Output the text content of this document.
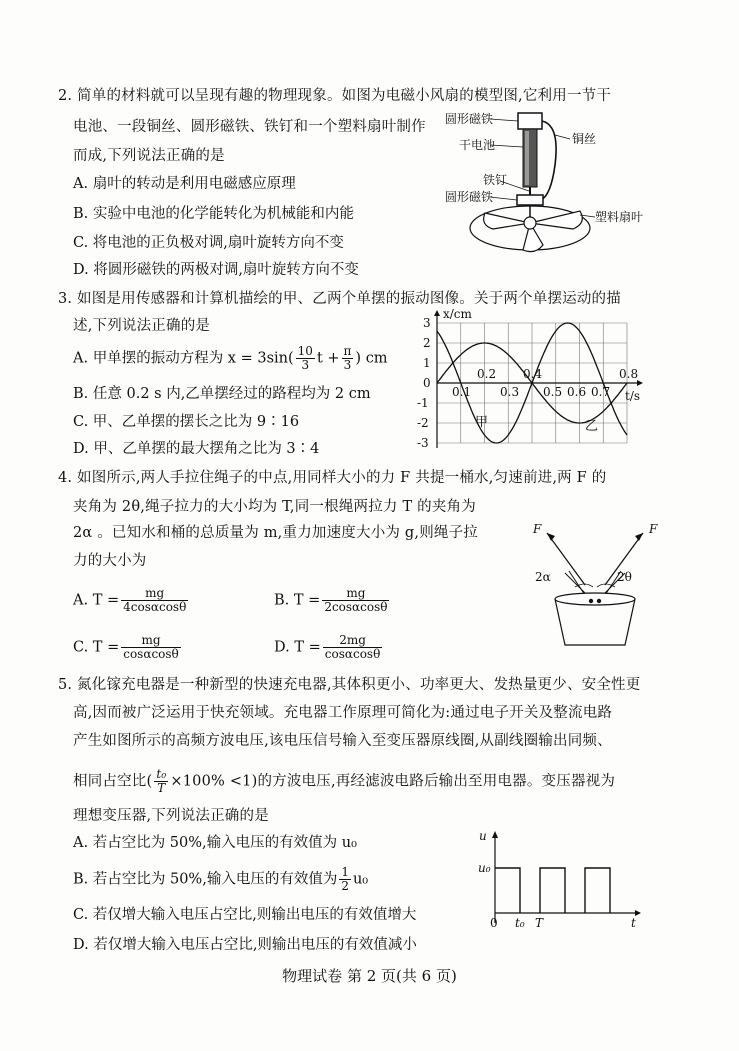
2. 简单的材料就可以呈现有趣的物理现象。如图为电磁小风扇的模型图,它利用一节干
电池、一段铜丝、圆形磁铁、铁钉和一个塑料扇叶制作
而成,下列说法正确的是
A. 扇叶的转动是利用电磁感应原理
B. 实验中电池的化学能转化为机械能和内能
C. 将电池的正负极对调,扇叶旋转方向不变
D. 将圆形磁铁的两极对调,扇叶旋转方向不变
圆形磁铁
干电池	铜丝
铁钉
圆形磁铁
塑料扇叶
3. 如图是用传感器和计算机描绘的甲、乙两个单摆的振动图像。关于两个单摆运动的描
述,下列说法正确的是
A. 甲单摆的振动方程为 $x = 3\sin( \frac{10}{3}$ $t + \frac{\pi}{3}$ ) cm
B. 任意 0.2 s 内,乙单摆经过的路程均为 2 cm
C. 甲、乙单摆的摆长之比为 9∶16
D. 甲、乙单摆的最大摆角之比为 3∶4
x/cm
t/s
3
2
1
0
-1
-2
-3
0.1 0.3 0.5 0.6 0.7
0.2 0.4	0.8
甲	乙
4. 如图所示,两人手拉住绳子的中点,用同样大小的力 F 共提一桶水,匀速前进,两 F 的
夹角为 2θ,绳子拉力的大小均为 T,同一根绳两拉力 T 的夹角为
2α 。已知水和桶的总质量为 m,重力加速度大小为 g,则绳子拉
力的大小为
A. $T = \frac{mg}{4\cos\alpha\cos\theta}$	B. $T = \frac{mg}{2\cos\alpha\cos\theta}$
C. $T = \frac{mg}{\cos\alpha\cos\theta}$	D. $T = \frac{2mg}{\cos\alpha\cos\theta}$
F	F
2α	2θ
5. 氮化镓充电器是一种新型的快速充电器,其体积更小、功率更大、发热量更少、安全性更
高,因而被广泛运用于快充领域。充电器工作原理可简化为:通过电子开关及整流电路
产生如图所示的高频方波电压,该电压信号输入至变压器原线圈,从副线圈输出同频、
相同占空比( $\frac{\text{t₀}}{T} \times 100\% <1$)的方波电压,再经滤波电路后输出至用电器。变压器视为
理想变压器,下列说法正确的是
A. 若占空比为 50%,输入电压的有效值为 u₀
B. 若占空比为 50%,输入电压的有效值为 $\frac{1}{2} u_0$
C. 若仅增大输入电压占空比,则输出电压的有效值增大
D. 若仅增大输入电压占空比,则输出电压的有效值减小
u
u₀
0 t₀ T	t
物理试卷 第 2 页(共 6 页)
